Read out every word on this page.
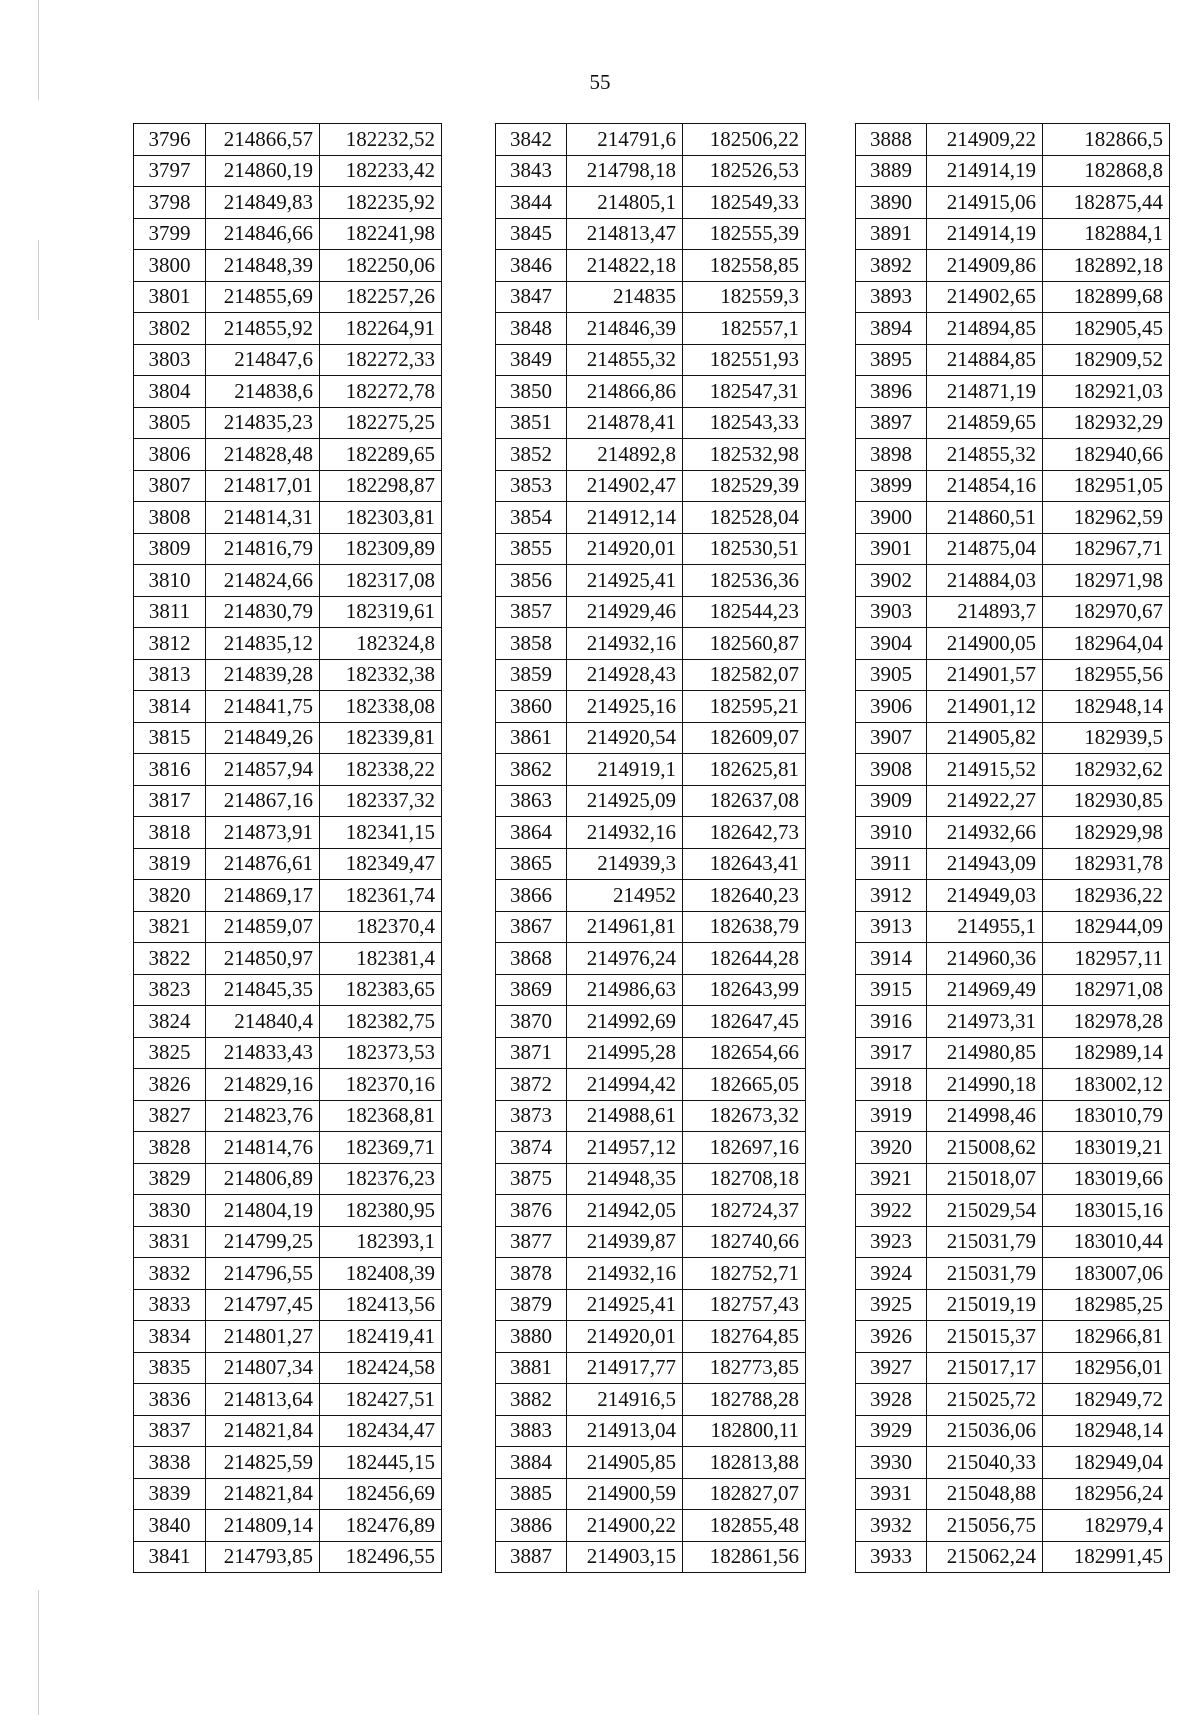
55
3796	214866,57	182232,52
3797	214860,19	182233,42
3798	214849,83	182235,92
3799	214846,66	182241,98
3800	214848,39	182250,06
3801	214855,69	182257,26
3802	214855,92	182264,91
3803	214847,6	182272,33
3804	214838,6	182272,78
3805	214835,23	182275,25
3806	214828,48	182289,65
3807	214817,01	182298,87
3808	214814,31	182303,81
3809	214816,79	182309,89
3810	214824,66	182317,08
3811	214830,79	182319,61
3812	214835,12	182324,8
3813	214839,28	182332,38
3814	214841,75	182338,08
3815	214849,26	182339,81
3816	214857,94	182338,22
3817	214867,16	182337,32
3818	214873,91	182341,15
3819	214876,61	182349,47
3820	214869,17	182361,74
3821	214859,07	182370,4
3822	214850,97	182381,4
3823	214845,35	182383,65
3824	214840,4	182382,75
3825	214833,43	182373,53
3826	214829,16	182370,16
3827	214823,76	182368,81
3828	214814,76	182369,71
3829	214806,89	182376,23
3830	214804,19	182380,95
3831	214799,25	182393,1
3832	214796,55	182408,39
3833	214797,45	182413,56
3834	214801,27	182419,41
3835	214807,34	182424,58
3836	214813,64	182427,51
3837	214821,84	182434,47
3838	214825,59	182445,15
3839	214821,84	182456,69
3840	214809,14	182476,89
3841	214793,85	182496,55
3842	214791,6	182506,22
3843	214798,18	182526,53
3844	214805,1	182549,33
3845	214813,47	182555,39
3846	214822,18	182558,85
3847	214835	182559,3
3848	214846,39	182557,1
3849	214855,32	182551,93
3850	214866,86	182547,31
3851	214878,41	182543,33
3852	214892,8	182532,98
3853	214902,47	182529,39
3854	214912,14	182528,04
3855	214920,01	182530,51
3856	214925,41	182536,36
3857	214929,46	182544,23
3858	214932,16	182560,87
3859	214928,43	182582,07
3860	214925,16	182595,21
3861	214920,54	182609,07
3862	214919,1	182625,81
3863	214925,09	182637,08
3864	214932,16	182642,73
3865	214939,3	182643,41
3866	214952	182640,23
3867	214961,81	182638,79
3868	214976,24	182644,28
3869	214986,63	182643,99
3870	214992,69	182647,45
3871	214995,28	182654,66
3872	214994,42	182665,05
3873	214988,61	182673,32
3874	214957,12	182697,16
3875	214948,35	182708,18
3876	214942,05	182724,37
3877	214939,87	182740,66
3878	214932,16	182752,71
3879	214925,41	182757,43
3880	214920,01	182764,85
3881	214917,77	182773,85
3882	214916,5	182788,28
3883	214913,04	182800,11
3884	214905,85	182813,88
3885	214900,59	182827,07
3886	214900,22	182855,48
3887	214903,15	182861,56
3888	214909,22	182866,5
3889	214914,19	182868,8
3890	214915,06	182875,44
3891	214914,19	182884,1
3892	214909,86	182892,18
3893	214902,65	182899,68
3894	214894,85	182905,45
3895	214884,85	182909,52
3896	214871,19	182921,03
3897	214859,65	182932,29
3898	214855,32	182940,66
3899	214854,16	182951,05
3900	214860,51	182962,59
3901	214875,04	182967,71
3902	214884,03	182971,98
3903	214893,7	182970,67
3904	214900,05	182964,04
3905	214901,57	182955,56
3906	214901,12	182948,14
3907	214905,82	182939,5
3908	214915,52	182932,62
3909	214922,27	182930,85
3910	214932,66	182929,98
3911	214943,09	182931,78
3912	214949,03	182936,22
3913	214955,1	182944,09
3914	214960,36	182957,11
3915	214969,49	182971,08
3916	214973,31	182978,28
3917	214980,85	182989,14
3918	214990,18	183002,12
3919	214998,46	183010,79
3920	215008,62	183019,21
3921	215018,07	183019,66
3922	215029,54	183015,16
3923	215031,79	183010,44
3924	215031,79	183007,06
3925	215019,19	182985,25
3926	215015,37	182966,81
3927	215017,17	182956,01
3928	215025,72	182949,72
3929	215036,06	182948,14
3930	215040,33	182949,04
3931	215048,88	182956,24
3932	215056,75	182979,4
3933	215062,24	182991,45
